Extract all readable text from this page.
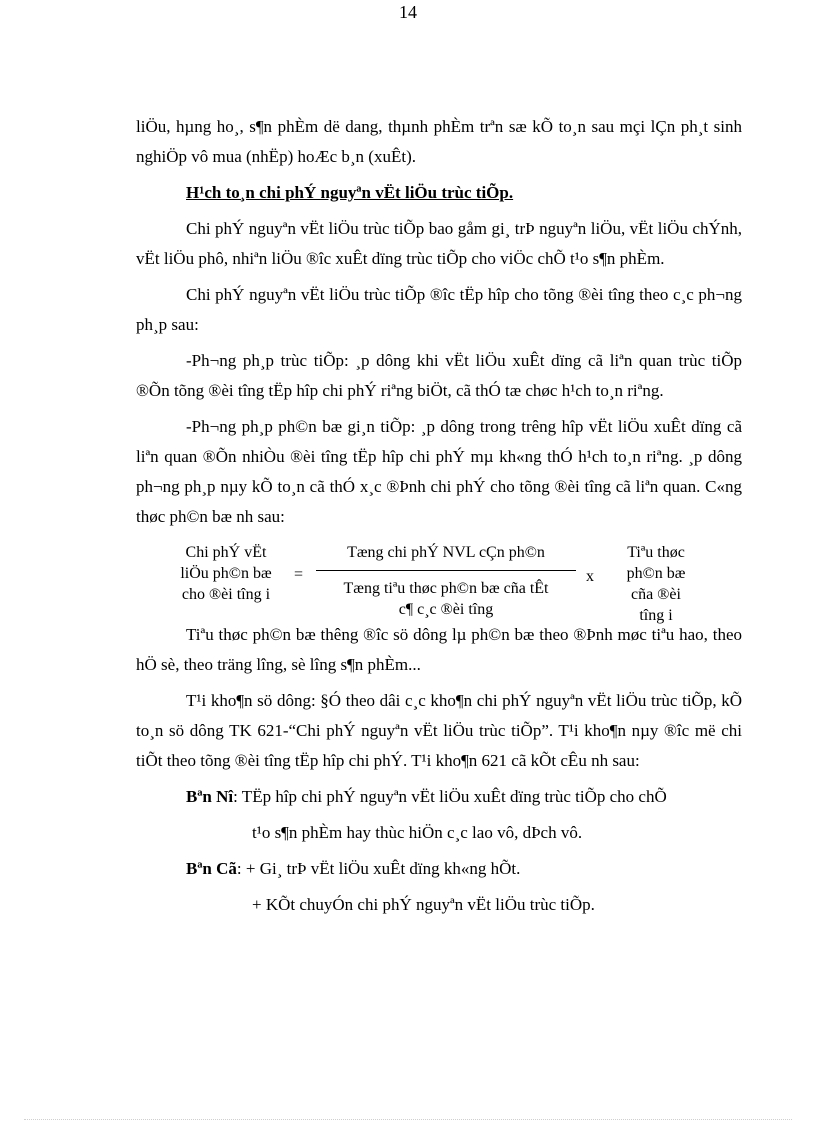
14

liÖu, hµng ho¸, s¶n phÈm dë dang, thµnh phÈm trªn sæ kÕ to¸n sau mçi lÇn ph¸t sinh nghiÖp vô mua (nhËp) hoÆc b¸n (xuÊt).

H¹ch to¸n chi phÝ nguyªn vËt liÖu trùc tiÕp.

Chi phÝ nguyªn vËt liÖu trùc tiÕp bao gåm gi¸ trÞ nguyªn liÖu, vËt liÖu chÝnh, vËt liÖu phô, nhiªn liÖu ®îc xuÊt dïng trùc tiÕp cho viÖc chÕ t¹o s¶n phÈm.

Chi phÝ nguyªn vËt liÖu trùc tiÕp ®îc tËp hîp cho tõng ®èi tîng theo c¸c ph¬ng ph¸p sau:

-Ph¬ng ph¸p trùc tiÕp: ¸p dông khi vËt liÖu xuÊt dïng cã liªn quan trùc tiÕp ®Õn tõng ®èi tîng tËp hîp chi phÝ riªng biÖt, cã thÓ tæ chøc h¹ch to¸n riªng.

-Ph¬ng ph¸p ph©n bæ gi¸n tiÕp: ¸p dông trong trêng hîp vËt liÖu xuÊt dïng cã liªn quan ®Õn nhiÒu ®èi tîng tËp hîp chi phÝ mµ kh«ng thÓ h¹ch to¸n riªng. ¸p dông ph¬ng ph¸p nµy kÕ to¸n cã thÓ x¸c ®Þnh chi phÝ cho tõng ®èi tîng cã liªn quan. C«ng thøc ph©n bæ nh sau:

Chi phÝ vËt
liÖu ph©n bæ
cho ®èi tîng i
=
Tæng chi phÝ NVL cÇn ph©n
Tæng tiªu thøc ph©n bæ cña tÊt
c¶ c¸c ®èi tîng
x
Tiªu thøc
ph©n bæ
cña ®èi
tîng i

Tiªu thøc ph©n bæ thêng ®îc sö dông lµ ph©n bæ theo ®Þnh møc tiªu hao, theo hÖ sè, theo träng lîng, sè lîng s¶n phÈm...

T¹i kho¶n sö dông: §Ó theo dâi c¸c kho¶n chi phÝ nguyªn vËt liÖu trùc tiÕp, kÕ to¸n sö dông TK 621-“Chi phÝ nguyªn vËt liÖu trùc tiÕp”. T¹i kho¶n nµy ®îc më chi tiÕt theo tõng ®èi tîng tËp hîp chi phÝ. T¹i kho¶n 621 cã kÕt cÊu nh sau:

Bªn Nî: TËp hîp chi phÝ nguyªn vËt liÖu xuÊt dïng trùc tiÕp cho chÕ

t¹o s¶n phÈm hay thùc hiÖn c¸c lao vô, dÞch vô.

Bªn Cã: + Gi¸ trÞ vËt liÖu xuÊt dïng kh«ng hÕt.

+ KÕt chuyÓn chi phÝ nguyªn vËt liÖu trùc tiÕp.
